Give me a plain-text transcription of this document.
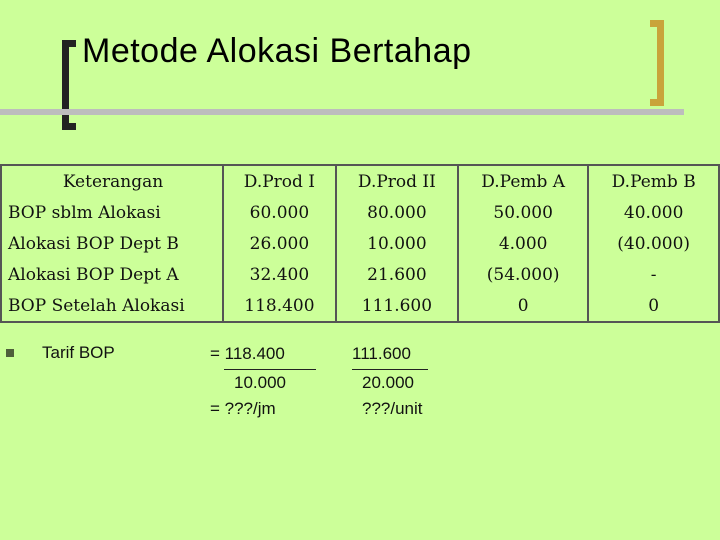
Metode Alokasi Bertahap
Keterangan	D.Prod I	D.Prod II	D.Pemb A	D.Pemb B
BOP sblm Alokasi	60.000	80.000	50.000	40.000
Alokasi BOP Dept B	26.000	10.000	4.000	(40.000)
Alokasi BOP Dept A	32.400	21.600	(54.000)	-
BOP Setelah Alokasi	118.400	111.600	0	0
Tarif BOP	= 118.400
10.000
= ???/jm
111.600
20.000
???/unit
